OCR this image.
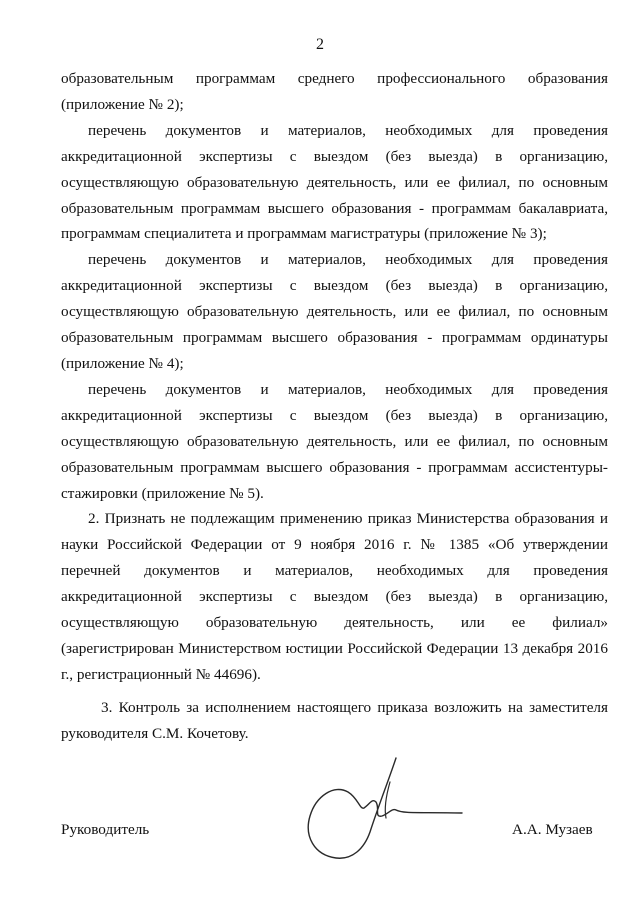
2

образовательным программам среднего профессионального образования (приложение № 2);

перечень документов и материалов, необходимых для проведения аккредитационной экспертизы с выездом (без выезда) в организацию, осуществляющую образовательную деятельность, или ее филиал, по основным образовательным программам высшего образования - программам бакалавриата, программам специалитета и программам магистратуры (приложение № 3);

перечень документов и материалов, необходимых для проведения аккредитационной экспертизы с выездом (без выезда) в организацию, осуществляющую образовательную деятельность, или ее филиал, по основным образовательным программам высшего образования - программам ординатуры (приложение № 4);

перечень документов и материалов, необходимых для проведения аккредитационной экспертизы с выездом (без выезда) в организацию, осуществляющую образовательную деятельность, или ее филиал, по основным образовательным программам высшего образования - программам ассистентуры-стажировки (приложение № 5).

2. Признать не подлежащим применению приказ Министерства образования и науки Российской Федерации от 9 ноября 2016 г. № 1385 «Об утверждении перечней документов и материалов, необходимых для проведения аккредитационной экспертизы с выездом (без выезда) в организацию, осуществляющую образовательную деятельность, или ее филиал» (зарегистрирован Министерством юстиции Российской Федерации 13 декабря 2016 г., регистрационный № 44696).

3. Контроль за исполнением настоящего приказа возложить на заместителя руководителя С.М. Кочетову.

Руководитель	А.А. Музаев
